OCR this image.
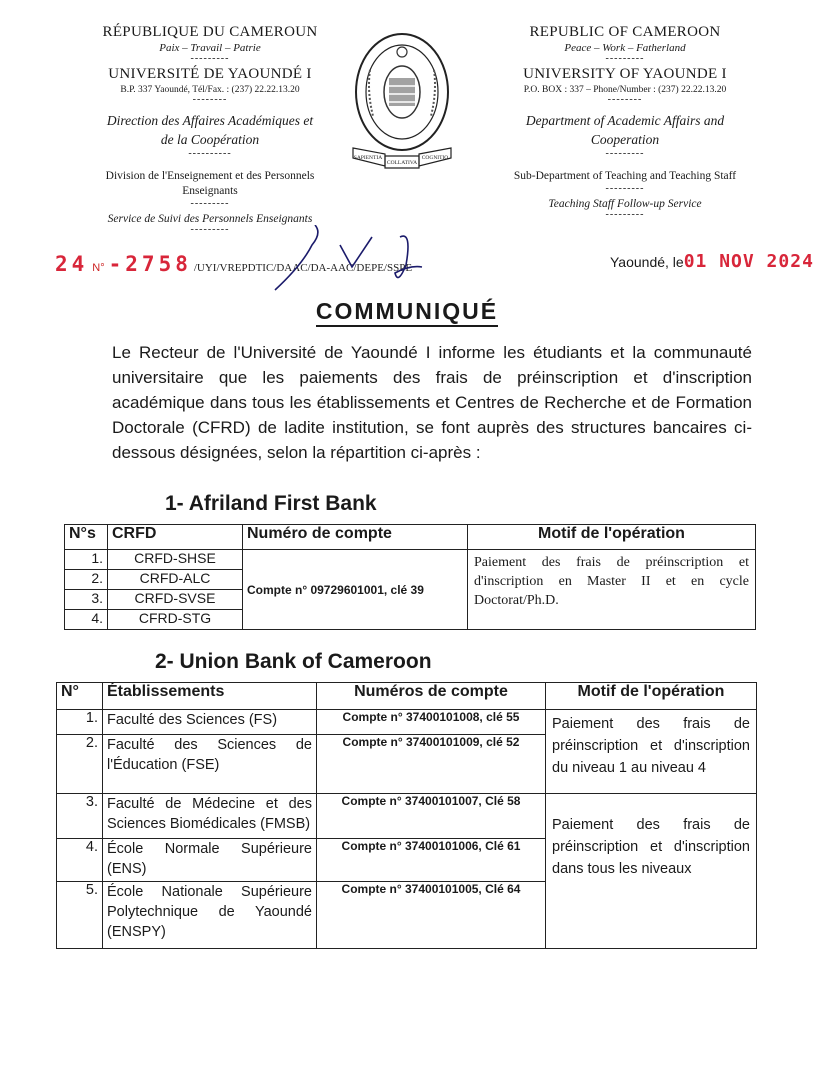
RÉPUBLIQUE DU CAMEROUN
Paix – Travail – Patrie
---------
UNIVERSITÉ DE YAOUNDÉ I
B.P. 337 Yaoundé, Tél/Fax. : (237) 22.22.13.20
--------
Direction des Affaires Académiques et
de la Coopération
----------
Division de l'Enseignement et des Personnels
Enseignants
---------
Service de Suivi des Personnels Enseignants
---------
SAPIENTIA
COLLATIVA
COGNITIO
REPUBLIC OF CAMEROON
Peace – Work – Fatherland
---------
UNIVERSITY OF YAOUNDE I
P.O. BOX : 337 – Phone/Number : (237) 22.22.13.20
--------
Department of Academic Affairs and
Cooperation
---------
Sub-Department of Teaching and Teaching Staff
---------
Teaching Staff Follow-up Service
---------
24 N° -2758 /UYI/VREPDTIC/DAAC/DA-AAC/DEPE/SSPE	Yaoundé, le01 NOV 2024
COMMUNIQUÉ
Le Recteur de l'Université de Yaoundé I informe les étudiants et la communauté universitaire que les paiements des frais de préinscription et d'inscription académique dans tous les établissements et Centres de Recherche et de Formation Doctorale (CFRD) de ladite institution, se font auprès des structures bancaires ci-dessous désignées, selon la répartition ci-après :
1- Afriland First Bank
N°s	CRFD	Numéro de compte	Motif de l'opération
1.	CRFD-SHSE	Compte n° 09729601001, clé 39	Paiement des frais de préinscription et d'inscription en Master II et en cycle Doctorat/Ph.D.
2.	CRFD-ALC		
3.	CRFD-SVSE		
4.	CFRD-STG		
2- Union Bank of Cameroon
N°	Établissements	Numéros de compte	Motif de l'opération
1.	Faculté des Sciences (FS)	Compte n° 37400101008, clé 55	Paiement des frais de préinscription et d'inscription du niveau 1 au niveau 4
2.	Faculté des Sciences de l'Éducation (FSE)	Compte n° 37400101009, clé 52	
3.	Faculté de Médecine et des Sciences Biomédicales (FMSB)	Compte n° 37400101007, Clé 58	Paiement des frais de préinscription et d'inscription dans tous les niveaux
4.	École Normale Supérieure (ENS)	Compte n° 37400101006, Clé 61	
5.	École Nationale Supérieure Polytechnique de Yaoundé (ENSPY)	Compte n° 37400101005, Clé 64	
